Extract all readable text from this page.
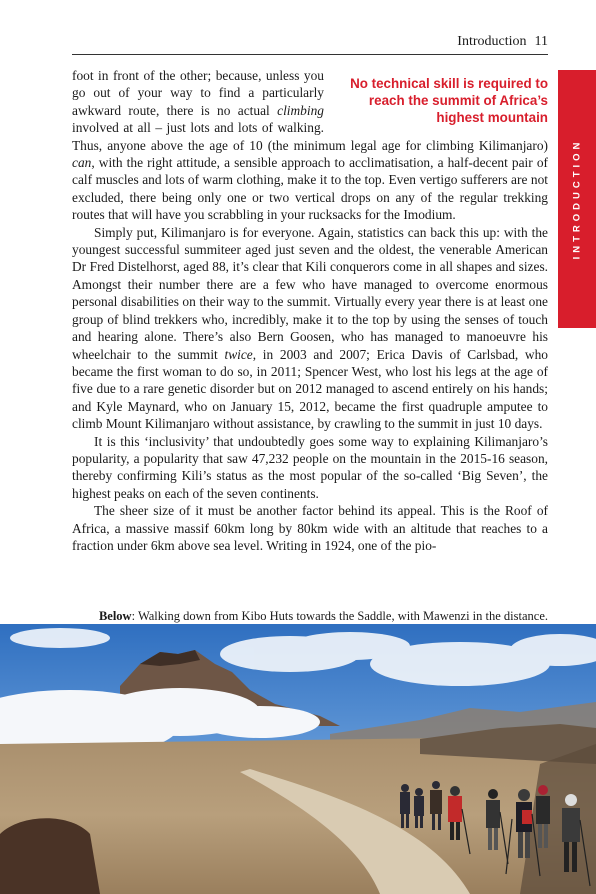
Introduction 11
INTRODUCTION
No technical skill is required to reach the summit of Africa’s highest mountain

foot in front of the other; because, unless you go out of your way to find a particularly awkward route, there is no actual climbing involved at all – just lots and lots of walking. Thus, anyone above the age of 10 (the minimum legal age for climbing Kilimanjaro) can, with the right attitude, a sensible approach to acclimatisation, a half-decent pair of calf muscles and lots of warm clothing, make it to the top. Even vertigo sufferers are not excluded, there being only one or two vertical drops on any of the regular trekking routes that will have you scrabbling in your rucksacks for the Imodium.

Simply put, Kilimanjaro is for everyone. Again, statistics can back this up: with the youngest successful summiteer aged just seven and the oldest, the venerable American Dr Fred Distelhorst, aged 88, it’s clear that Kili conquerors come in all shapes and sizes. Amongst their number there are a few who have managed to overcome enormous personal disabilities on their way to the summit. Virtually every year there is at least one group of blind trekkers who, incredibly, make it to the top by using the senses of touch and hearing alone. There’s also Bern Goosen, who has managed to manoeuvre his wheelchair to the summit twice, in 2003 and 2007; Erica Davis of Carlsbad, who became the first woman to do so, in 2011; Spencer West, who lost his legs at the age of five due to a rare genetic disorder but on 2012 managed to ascend entirely on his hands; and Kyle Maynard, who on January 15, 2012, became the first quadruple amputee to climb Mount Kilimanjaro without assistance, by crawling to the summit in just 10 days.

It is this ‘inclusivity’ that undoubtedly goes some way to explaining Kilimanjaro’s popularity, a popularity that saw 47,232 people on the mountain in the 2015-16 season, thereby confirming Kili’s status as the most popular of the so-called ‘Big Seven’, the highest peaks on each of the seven continents.

The sheer size of it must be another factor behind its appeal. This is the Roof of Africa, a massive massif 60km long by 80km wide with an altitude that reaches to a fraction under 6km above sea level. Writing in 1924, one of the pio-

Below: Walking down from Kibo Huts towards the Saddle, with Mawenzi in the distance.
